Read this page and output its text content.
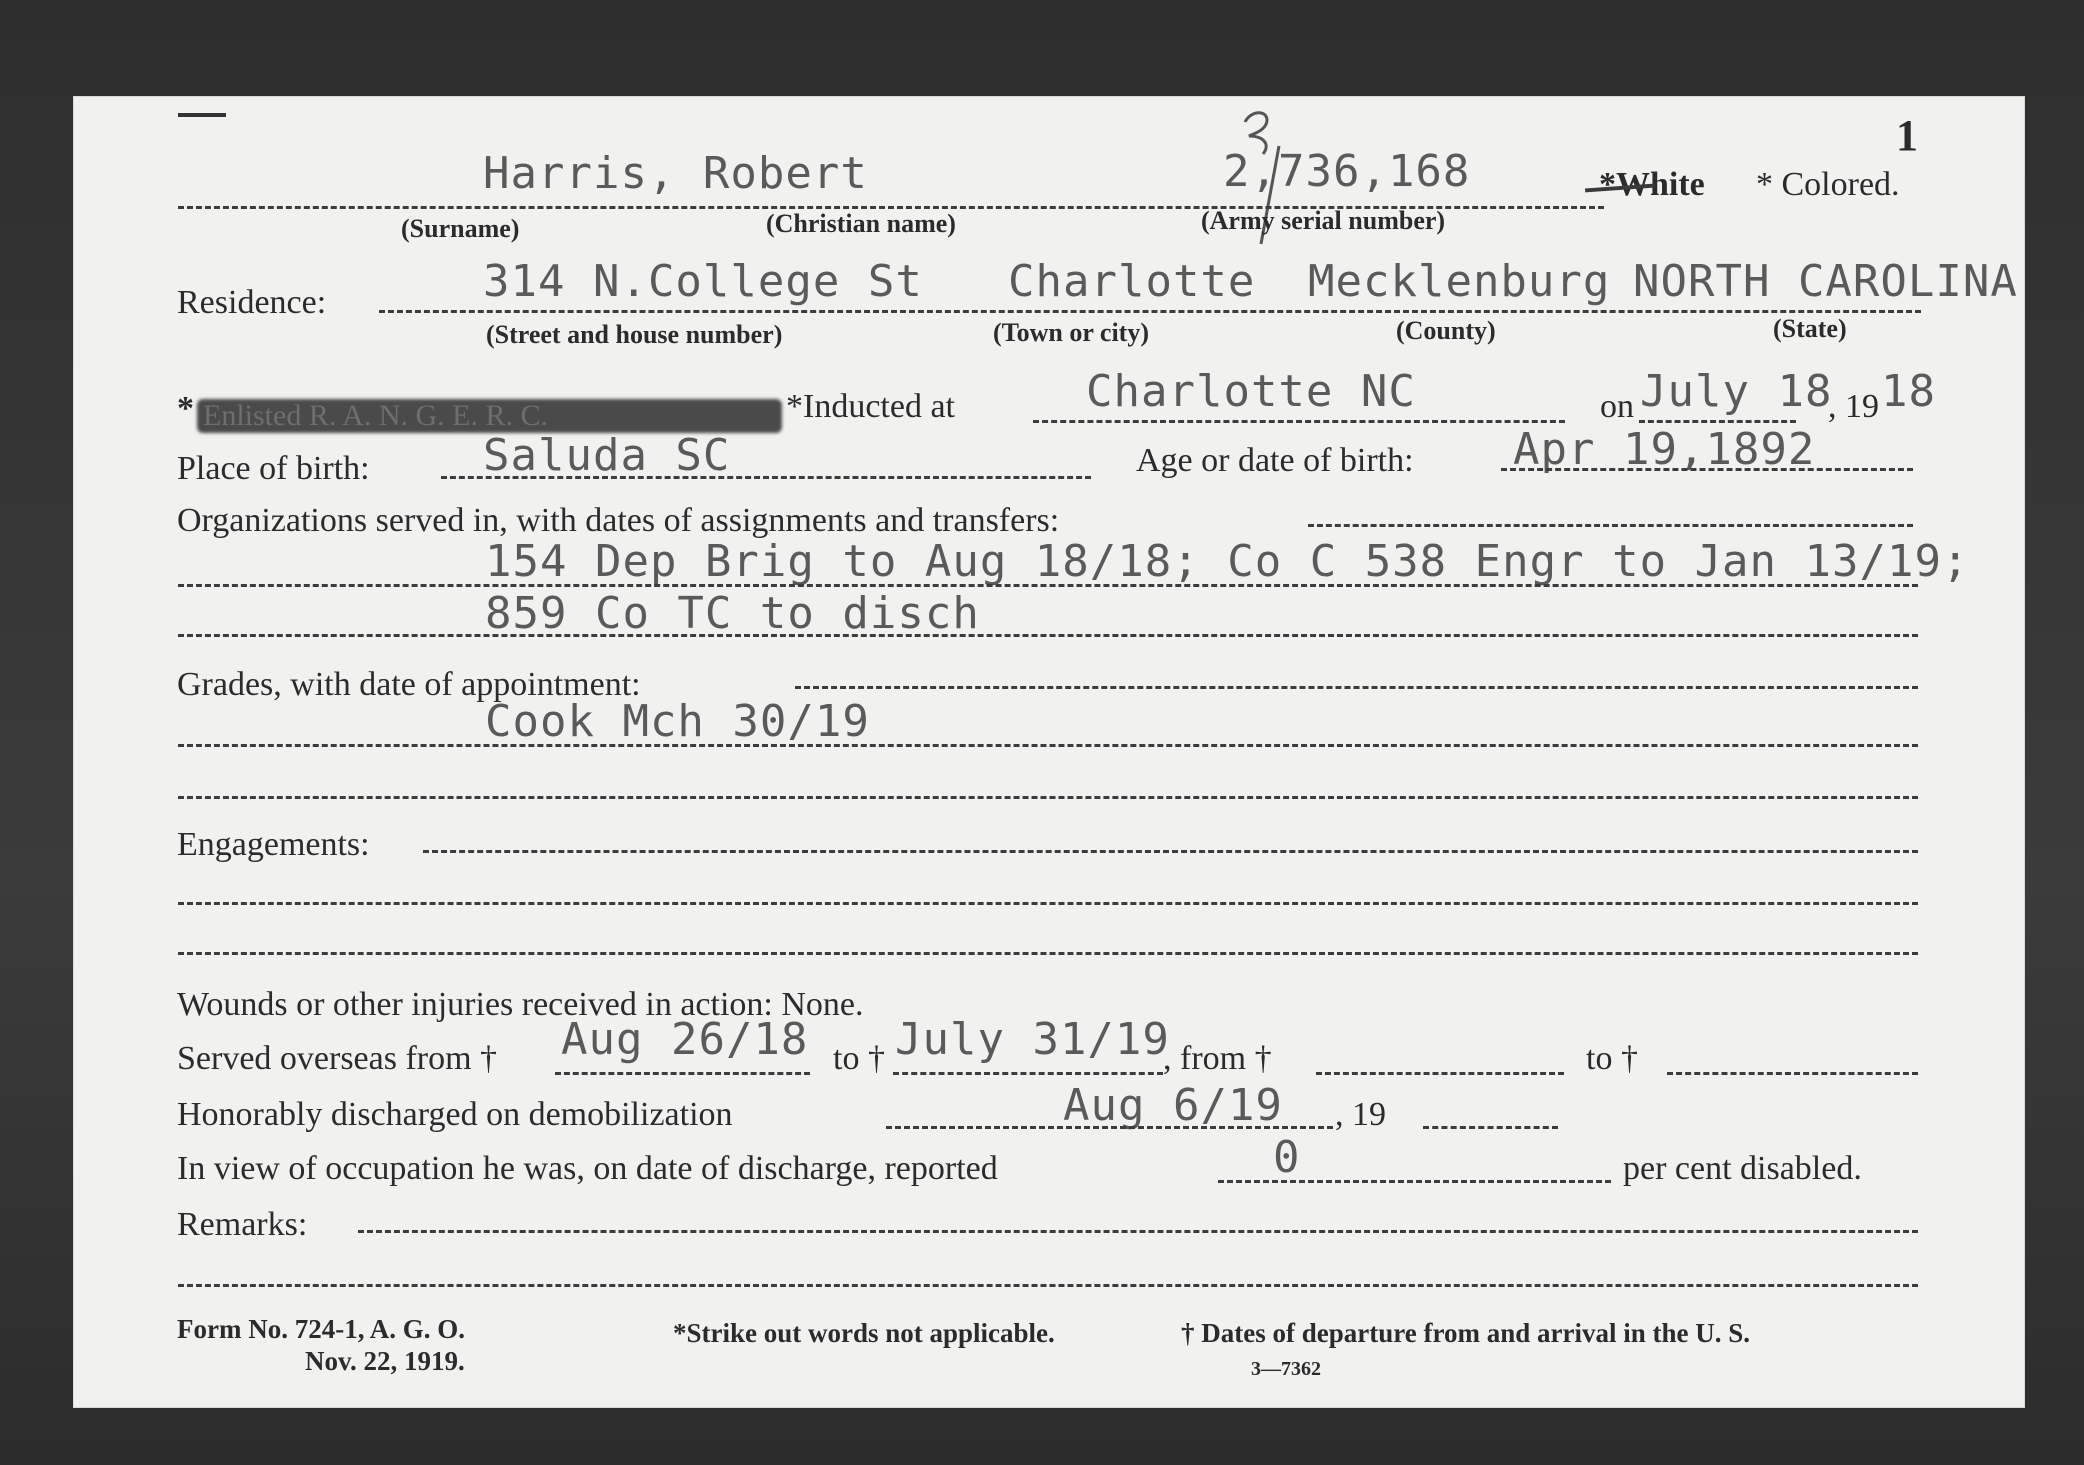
1
Harris, Robert	2,736,168	*White * Colored.
(Surname)	(Christian name)	(Army serial number)
Residence:	314 N.College St Charlotte Mecklenburg NORTH CAROLINA
(Street and house number)	(Town or city)	(County)	(State)
* Enlisted R. A. N. G. E. R. C.	*Inducted at	Charlotte NC	on July 18
, 19 18
Place of birth:	Saluda SC	Age or date of birth: Apr 19,1892
Organizations served in, with dates of assignments and transfers:
154 Dep Brig to Aug 18/18; Co C 538 Engr to Jan 13/19;
859 Co TC to disch
Grades, with date of appointment:
Cook Mch 30/19
Engagements:
Wounds or other injuries received in action: None.
Served overseas from † Aug 26/18 to † July 31/19
, from †	to †
Honorably discharged on demobilization	Aug 6/19 , 19
In view of occupation he was, on date of discharge, reported	0	per cent disabled.
Remarks:
Form No. 724-1, A. G. O.
Nov. 22, 1919.
*Strike out words not applicable.	† Dates of departure from and arrival in the U. S.
3—7362
